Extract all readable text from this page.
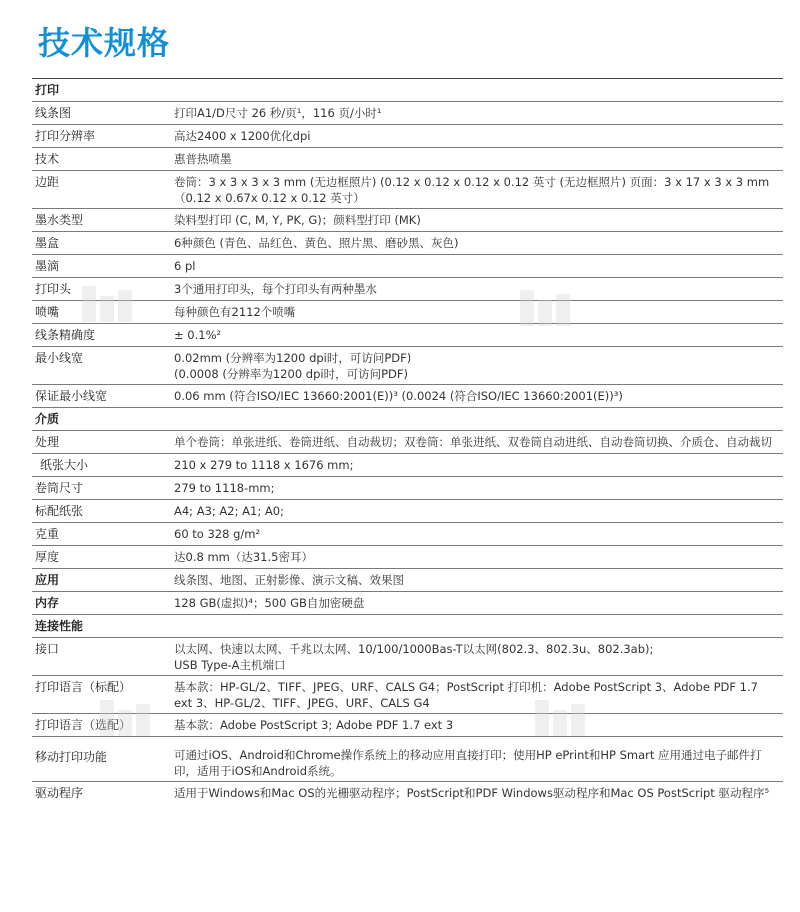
技术规格
打印
线条图	打印A1/D尺寸 26 秒/页¹，116 页/小时¹
打印分辨率	高达2400 x 1200优化dpi
技术	惠普热喷墨
边距	卷筒：3 x 3 x 3 x 3 mm (无边框照片) (0.12 x 0.12 x 0.12 x 0.12 英寸 (无边框照片) 页面：3 x 17 x 3 x 3 mm（0.12 x 0.67x 0.12 x 0.12 英寸）
墨水类型	染料型打印 (C, M, Y, PK, G)；颜料型打印 (MK)
墨盒	6种颜色 (青色、品红色、黄色、照片黑、磨砂黑、灰色)
墨滴	6 pl
打印头	3个通用打印头，每个打印头有两种墨水
喷嘴	每种颜色有2112个喷嘴
线条精确度	± 0.1%²
最小线宽	0.02mm (分辨率为1200 dpi时，可访问PDF)
(0.0008 (分辨率为1200 dpi时，可访问PDF)
保证最小线宽	0.06 mm (符合ISO/IEC 13660:2001(E))³ (0.0024 (符合ISO/IEC 13660:2001(E))³)
介质
处理	单个卷筒：单张进纸、卷筒进纸、自动裁切；双卷筒：单张进纸、双卷筒自动进纸、自动卷筒切换、介质仓、自动裁切
纸张大小	210 x 279 to 1118 x 1676 mm;
卷筒尺寸	279 to 1118-mm;
标配纸张	A4; A3; A2; A1; A0;
克重	60 to 328 g/m²
厚度	达0.8 mm（达31.5密耳）
应用	线条图、地图、正射影像、演示文稿、效果图
内存	128 GB(虚拟)⁴；500 GB自加密硬盘
连接性能
接口	以太网、快速以太网、千兆以太网、10/100/1000Bas-T以太网(802.3、802.3u、802.3ab);
USB Type-A主机端口
打印语言（标配）	基本款：HP-GL/2、TIFF、JPEG、URF、CALS G4；PostScript 打印机：Adobe PostScript 3、Adobe PDF 1.7 ext 3、HP-GL/2、TIFF、JPEG、URF、CALS G4
打印语言（选配）	基本款：Adobe PostScript 3; Adobe PDF 1.7 ext 3
移动打印功能	可通过iOS、Android和Chrome操作系统上的移动应用直接打印；使用HP ePrint和HP Smart 应用通过电子邮件打印，适用于iOS和Android系统。
驱动程序	适用于Windows和Mac OS的光栅驱动程序；PostScript和PDF Windows驱动程序和Mac OS PostScript 驱动程序⁵
